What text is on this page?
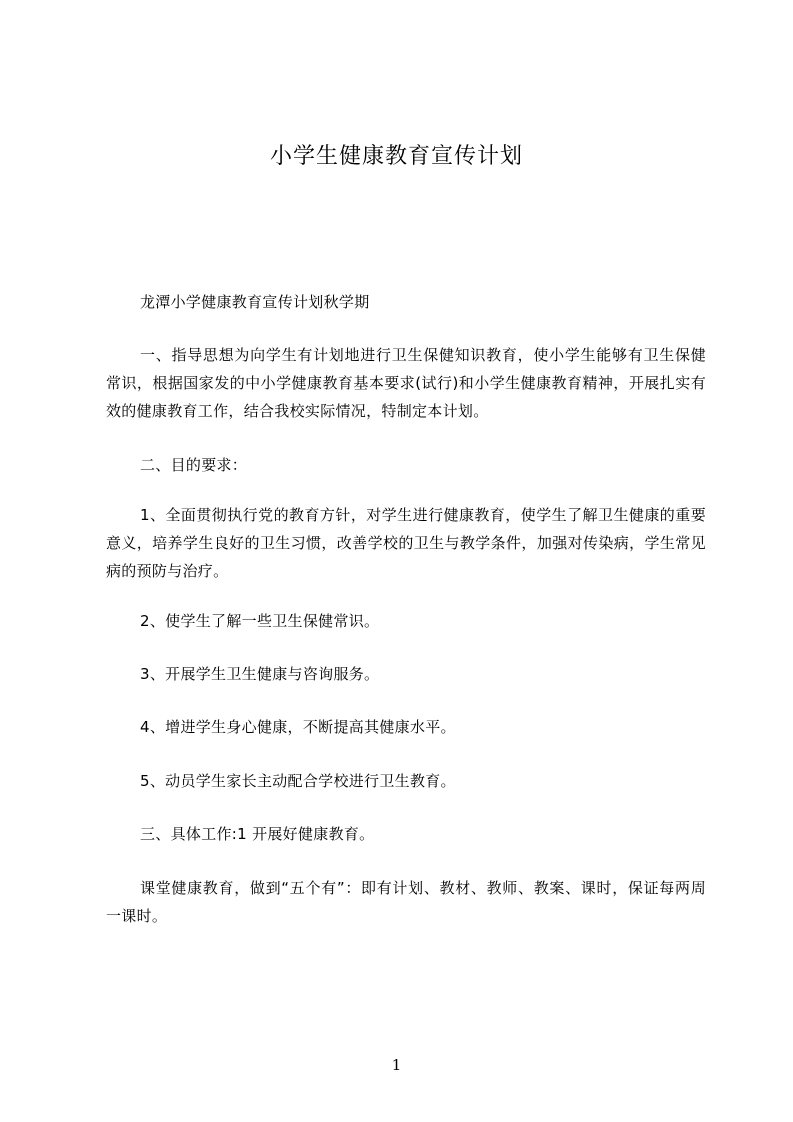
小学生健康教育宣传计划

龙潭小学健康教育宣传计划秋学期

一、指导思想为向学生有计划地进行卫生保健知识教育，使小学生能够有卫生保健常识，根据国家发的中小学健康教育基本要求(试行)和小学生健康教育精神，开展扎实有效的健康教育工作，结合我校实际情况，特制定本计划。

二、目的要求：

1、全面贯彻执行党的教育方针，对学生进行健康教育，使学生了解卫生健康的重要意义，培养学生良好的卫生习惯，改善学校的卫生与教学条件，加强对传染病，学生常见病的预防与治疗。

2、使学生了解一些卫生保健常识。

3、开展学生卫生健康与咨询服务。

4、增进学生身心健康，不断提高其健康水平。

5、动员学生家长主动配合学校进行卫生教育。

三、具体工作:1 开展好健康教育。

课堂健康教育，做到“五个有”：即有计划、教材、教师、教案、课时，保证每两周一课时。

1
